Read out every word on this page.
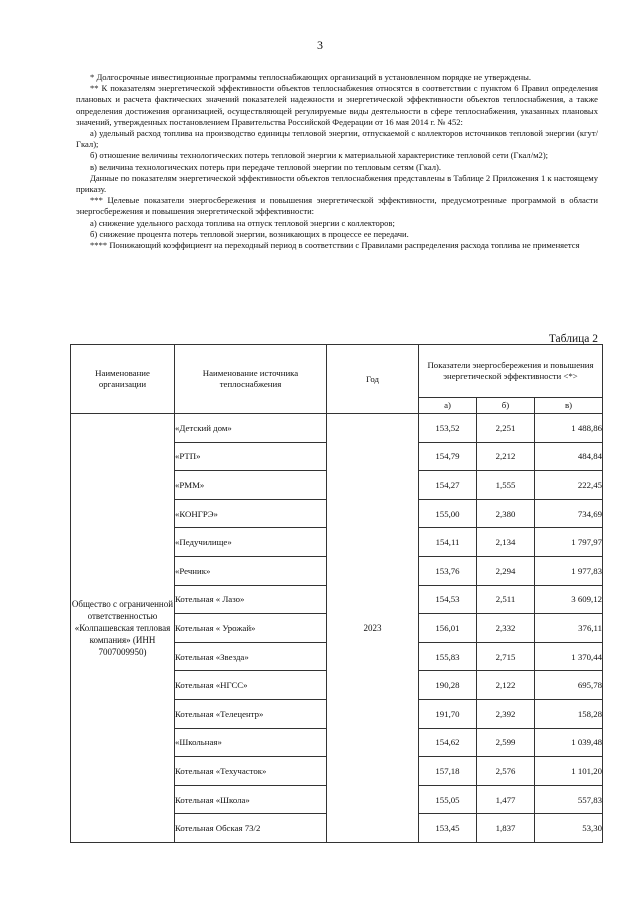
3

* Долгосрочные инвестиционные программы теплоснабжающих организаций в установленном порядке не утверждены.

** К показателям энергетической эффективности объектов теплоснабжения относятся в соответствии с пунктом 6 Правил определения плановых и расчета фактических значений показателей надежности и энергетической эффективности объектов теплоснабжения, а также определения достижения организацией, осуществляющей регулируемые виды деятельности в сфере теплоснабжения, указанных плановых значений, утвержденных постановлением Правительства Российской Федерации от 16 мая 2014 г. № 452:

а) удельный расход топлива на производство единицы тепловой энергии, отпускаемой с коллекторов источников тепловой энергии (кгут/Гкал);

б) отношение величины технологических потерь тепловой энергии к материальной характеристике тепловой сети (Гкал/м2);

в) величина технологических потерь при передаче тепловой энергии по тепловым сетям (Гкал).

Данные по показателям энергетической эффективности объектов теплоснабжения представлены в Таблице 2 Приложения 1 к настоящему приказу.

*** Целевые показатели энергосбережения и повышения энергетической эффективности, предусмотренные программой в области энергосбережения и повышения энергетической эффективности:

а) снижение удельного расхода топлива на отпуск тепловой энергии с коллекторов;

б) снижение процента потерь тепловой энергии, возникающих в процессе ее передачи.

**** Понижающий коэффициент на переходный период в соответствии с Правилами распределения расхода топлива не применяется

Таблица 2
Наименование организации	Наименование источника теплоснабжения	Год	Показатели энергосбережения и повышения энергетической эффективности <*>		
			а)	б)	в)
Общество с ограниченной ответственностью «Колпашевская тепловая компания» (ИНН 7007009950)	«Детский дом»	2023	153,52	2,251	1 488,86
	«РТП»		154,79	2,212	484,84
	«РММ»		154,27	1,555	222,45
	«КОНГРЭ»		155,00	2,380	734,69
	«Педучилище»		154,11	2,134	1 797,97
	«Речник»		153,76	2,294	1 977,83
	Котельная « Лазо»		154,53	2,511	3 609,12
	Котельная « Урожай»		156,01	2,332	376,11
	Котельная «Звезда»		155,83	2,715	1 370,44
	Котельная «НГСС»		190,28	2,122	695,78
	Котельная «Телецентр»		191,70	2,392	158,28
	«Школьная»		154,62	2,599	1 039,48
	Котельная «Техучасток»		157,18	2,576	1 101,20
	Котельная «Школа»		155,05	1,477	557,83
	Котельная Обская 73/2		153,45	1,837	53,30
